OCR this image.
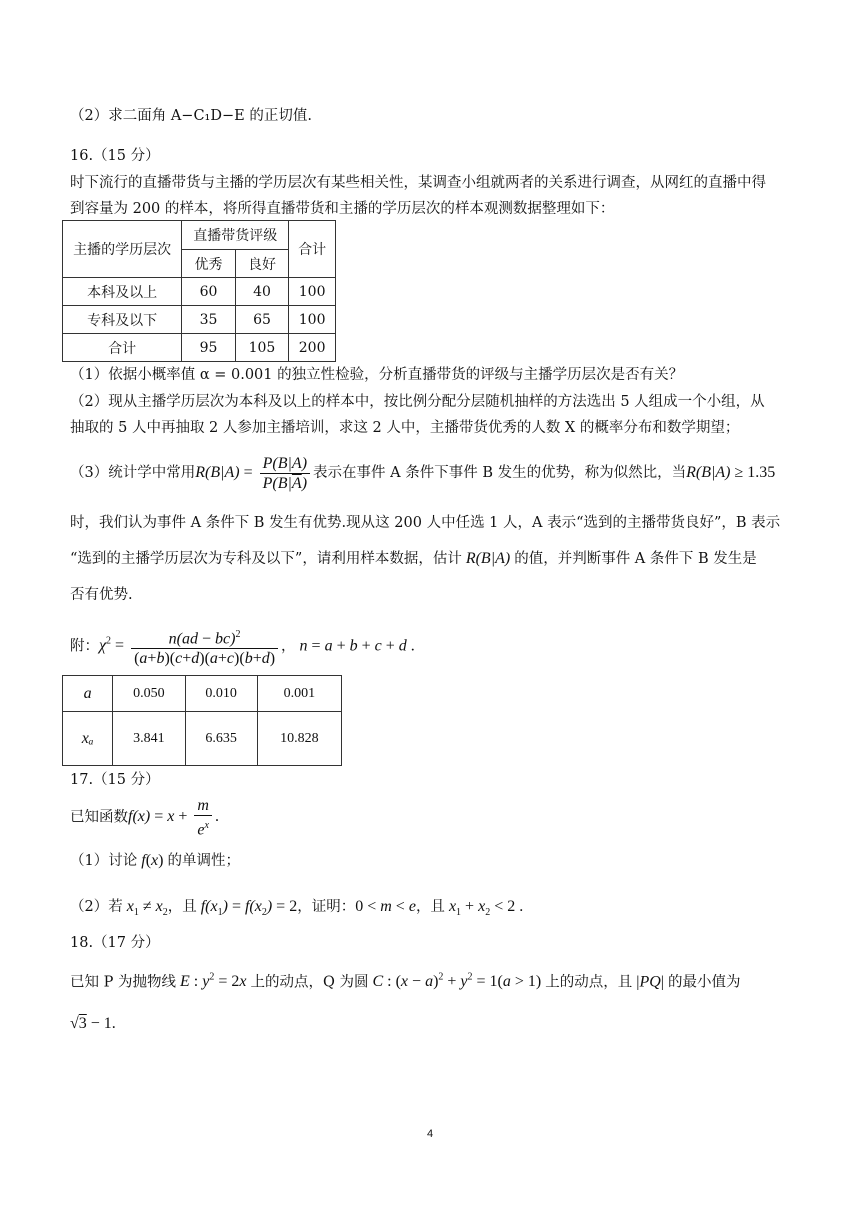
（2）求二面角 A−C₁D−E 的正切值.
16.（15 分）
时下流行的直播带货与主播的学历层次有某些相关性，某调查小组就两者的关系进行调查，从网红的直播中得
到容量为 200 的样本，将所得直播带货和主播的学历层次的样本观测数据整理如下：
主播的学历层次	直播带货评级		合计
	优秀	良好	
本科及以上	60	40	100
专科及以下	35	65	100
合计	95	105	200
（1）依据小概率值 α = 0.001 的独立性检验，分析直播带货的评级与主播学历层次是否有关？
（2）现从主播学历层次为本科及以上的样本中，按比例分配分层随机抽样的方法选出 5 人组成一个小组，从
抽取的 5 人中再抽取 2 人参加主播培训，求这 2 人中，主播带货优秀的人数 X 的概率分布和数学期望；
（3）统计学中常用$R(B|A) = \frac{P(B|A)}{P(B|\overline{A})}$ 表示在事件 A 条件下事件 B 发生的优势，称为似然比，当R(B|A) ≥ 1.35
时，我们认为事件 A 条件下 B 发生有优势.现从这 200 人中任选 1 人，A 表示“选到的主播带货良好”，B 表示
“选到的主播学历层次为专科及以下”，请利用样本数据，估计 R(B|A) 的值，并判断事件 A 条件下 B 发生是
否有优势.
附：$\chi^2 = \frac{n(ad - bc)^2}{(a+b)(c+d)(a+c)(b+d)}$ ， n = a + b + c + d .
a	0.050	0.010	0.001
xₐ	3.841	6.635	10.828
17.（15 分）
已知函数$f(x) = x + \frac{m}{e^x}$ .
（1）讨论 f(x) 的单调性；
（2）若 $x_1 \ne x_2$，且 $f(x_1) = f(x_2) = 2$，证明：0 < m < e，且 $x_1 + x_2 < 2$ .
18.（17 分）
已知 P 为抛物线 E : $y^2 = 2x$ 上的动点，Q 为圆 C : $(x - a)^2 + y^2 = 1(a > 1)$ 上的动点，且 |PQ| 的最小值为
√3 − 1.
4
